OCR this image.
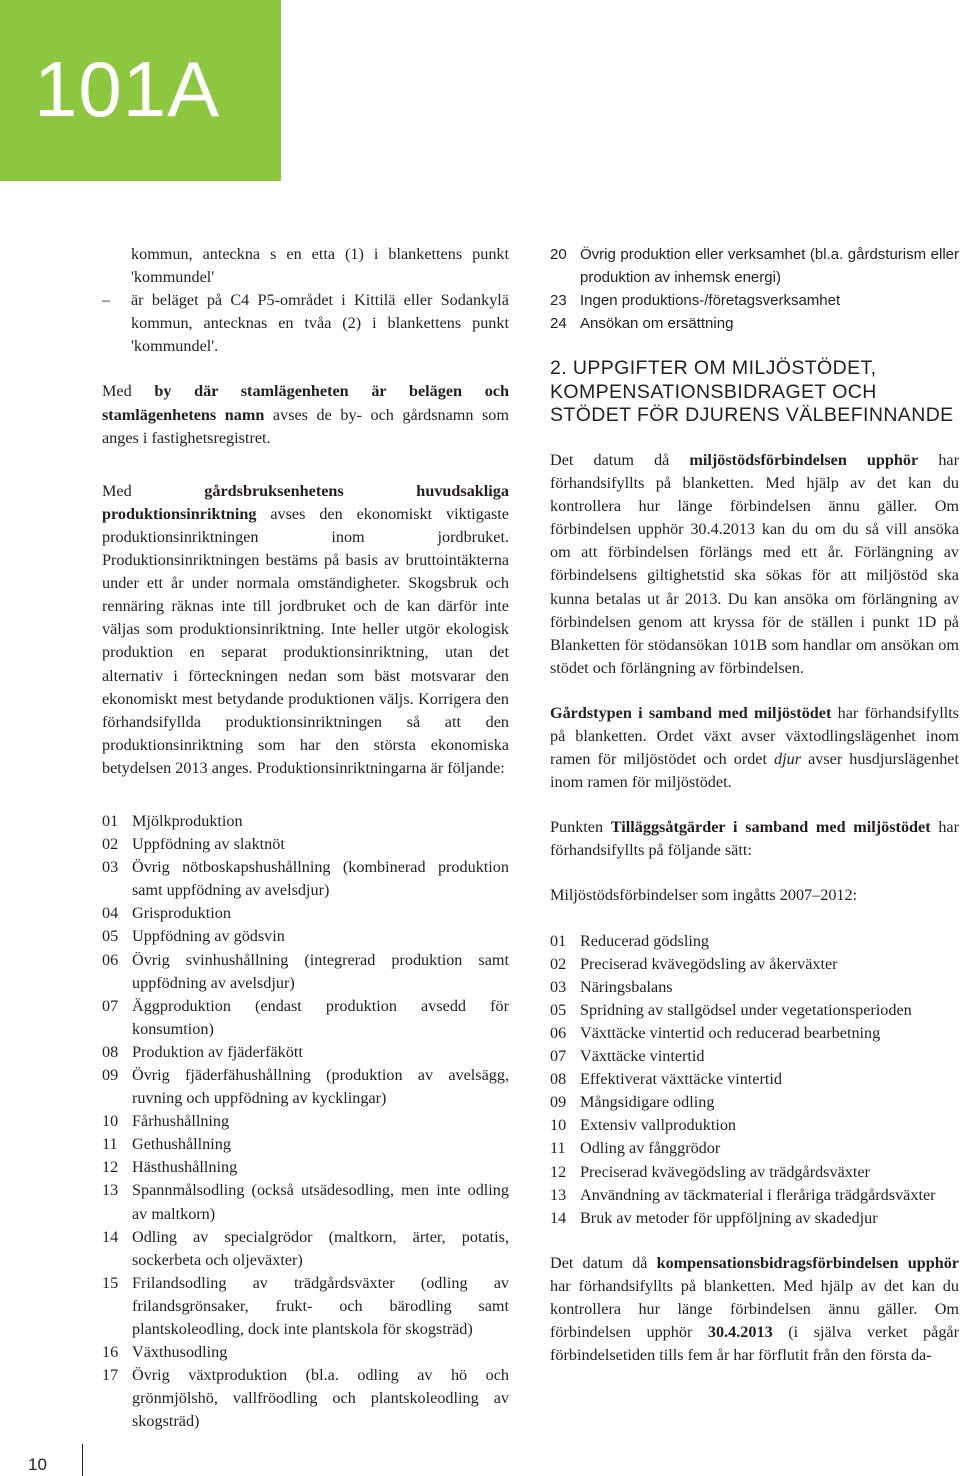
101A

kommun, anteckna s en etta (1) i blankettens punkt 'kommundel'

– är beläget på C4 P5-området i Kittilä eller Sodankylä kommun, antecknas en tvåa (2) i blankettens punkt 'kommundel'.

Med by där stamlägenheten är belägen och stamlägenhetens namn avses de by- och gårdsnamn som anges i fastighetsregistret.

Med gårdsbruksenhetens huvudsakliga produktionsinriktning avses den ekonomiskt viktigaste produktionsinriktningen inom jordbruket. Produktionsinriktningen bestäms på basis av bruttointäkterna under ett år under normala omständigheter. Skogsbruk och rennäring räknas inte till jordbruket och de kan därför inte väljas som produktionsinriktning. Inte heller utgör ekologisk produktion en separat produktionsinriktning, utan det alternativ i förteckningen nedan som bäst motsvarar den ekonomiskt mest betydande produktionen väljs. Korrigera den förhandsifyllda produktionsinriktningen så att den produktionsinriktning som har den största ekonomiska betydelsen 2013 anges. Produktionsinriktningarna är följande:

01 Mjölkproduktion
02 Uppfödning av slaktnöt
03 Övrig nötboskapshushållning (kombinerad produktion samt uppfödning av avelsdjur)
04 Grisproduktion
05 Uppfödning av gödsvin
06 Övrig svinhushållning (integrerad produktion samt uppfödning av avelsdjur)
07 Äggproduktion (endast produktion avsedd för konsumtion)
08 Produktion av fjäderfäkött
09 Övrig fjäderfähushållning (produktion av avelsägg, ruvning och uppfödning av kycklingar)
10 Fårhushållning
11 Gethushållning
12 Hästhushållning
13 Spannmålsodling (också utsädesodling, men inte odling av maltkorn)
14 Odling av specialgrödor (maltkorn, ärter, potatis, sockerbeta och oljeväxter)
15 Frilandsodling av trädgårdsväxter (odling av frilandsgrönsaker, frukt- och bärodling samt plantskoleodling, dock inte plantskola för skogsträd)
16 Växthusodling
17 Övrig växtproduktion (bl.a. odling av hö och grönmjölshö, vallfröodling och plantskoleodling av skogsträd)
20 Övrig produktion eller verksamhet (bl.a. gårdsturism eller produktion av inhemsk energi)
23 Ingen produktions-/företagsverksamhet
24 Ansökan om ersättning
2. UPPGIFTER OM MILJÖSTÖDET, KOMPENSATIONSBIDRAGET OCH STÖDET FÖR DJURENS VÄLBEFINNANDE

Det datum då miljöstödsförbindelsen upphör har förhandsifyllts på blanketten. Med hjälp av det kan du kontrollera hur länge förbindelsen ännu gäller. Om förbindelsen upphör 30.4.2013 kan du om du så vill ansöka om att förbindelsen förlängs med ett år. Förlängning av förbindelsens giltighetstid ska sökas för att miljöstöd ska kunna betalas ut år 2013. Du kan ansöka om förlängning av förbindelsen genom att kryssa för de ställen i punkt 1D på Blanketten för stödansökan 101B som handlar om ansökan om stödet och förlängning av förbindelsen.

Gårdstypen i samband med miljöstödet har förhandsifyllts på blanketten. Ordet växt avser växtodlingslägenhet inom ramen för miljöstödet och ordet djur avser husdjurslägenhet inom ramen för miljöstödet.

Punkten Tilläggsåtgärder i samband med miljöstödet har förhandsifyllts på följande sätt:

Miljöstödsförbindelser som ingåtts 2007–2012:

01 Reducerad gödsling
02 Preciserad kvävegödsling av åkerväxter
03 Näringsbalans
05 Spridning av stallgödsel under vegetationsperioden
06 Växttäcke vintertid och reducerad bearbetning
07 Växttäcke vintertid
08 Effektiverat växttäcke vintertid
09 Mångsidigare odling
10 Extensiv vallproduktion
11 Odling av fånggrödor
12 Preciserad kvävegödsling av trädgårdsväxter
13 Användning av täckmaterial i fleråriga trädgårdsväxter
14 Bruk av metoder för uppföljning av skadedjur

Det datum då kompensationsbidragsförbindelsen upphör har förhandsifyllts på blanketten. Med hjälp av det kan du kontrollera hur länge förbindelsen ännu gäller. Om förbindelsen upphör 30.4.2013 (i själva verket pågår förbindelsetiden tills fem år har förflutit från den första da-

10
